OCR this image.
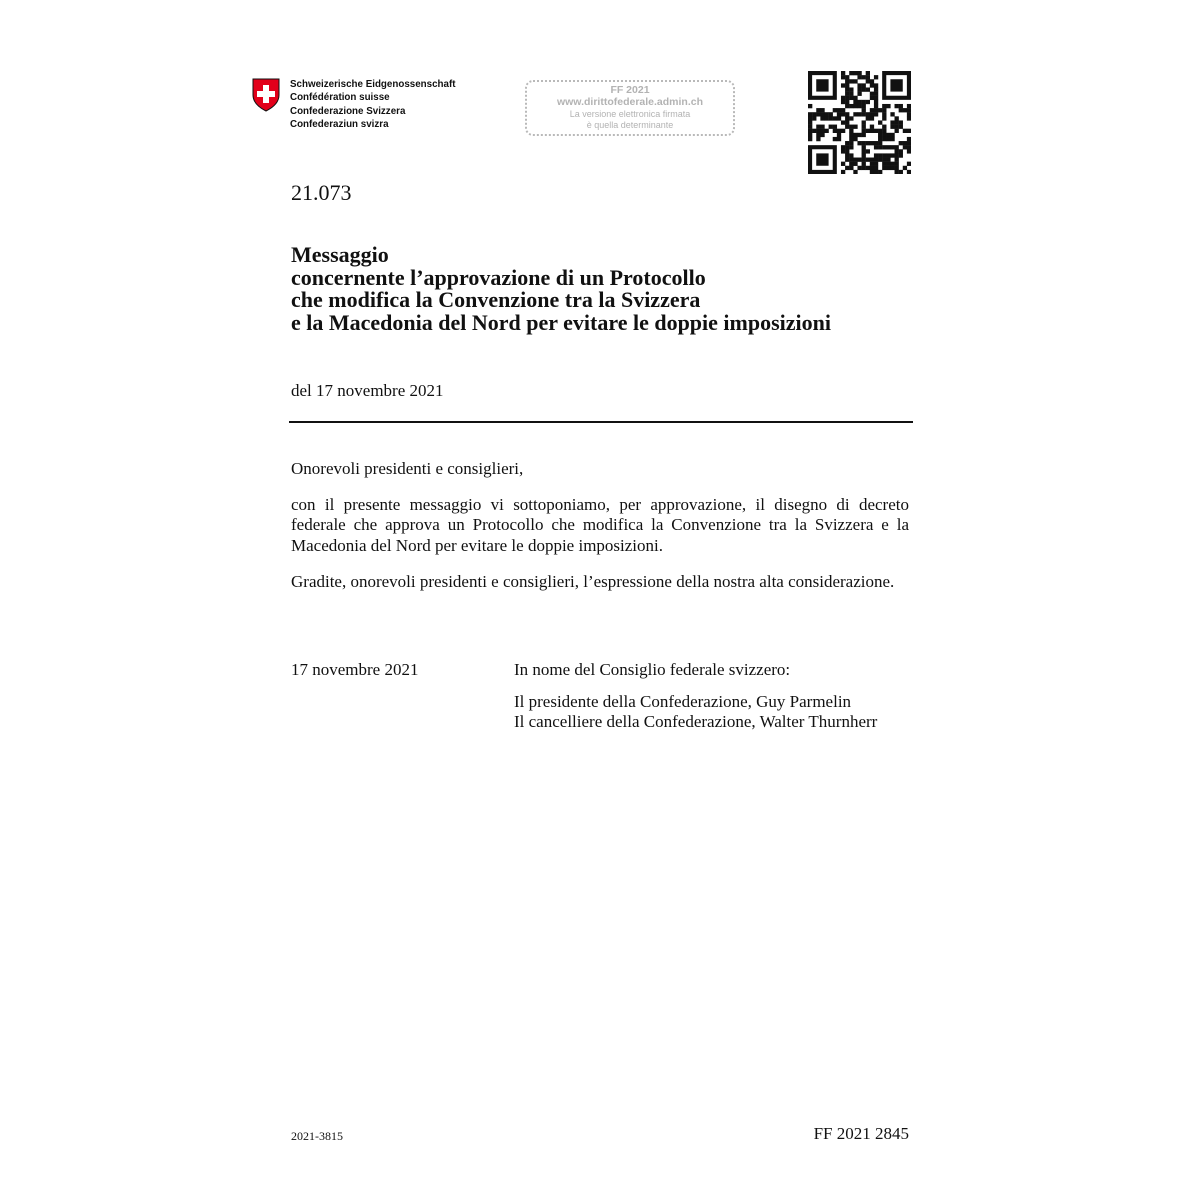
Schweizerische Eidgenossenschaft
Confédération suisse
Confederazione Svizzera
Confederaziun svizra
FF 2021
www.dirittofederale.admin.ch
La versione elettronica firmata
è quella determinante
21.073
Messaggio
concernente l’approvazione di un Protocollo
che modifica la Convenzione tra la Svizzera
e la Macedonia del Nord per evitare le doppie imposizioni
del 17 novembre 2021
Onorevoli presidenti e consiglieri,
con il presente messaggio vi sottoponiamo, per approvazione, il disegno di decreto federale che approva un Protocollo che modifica la Convenzione tra la Svizzera e la Macedonia del Nord per evitare le doppie imposizioni.
Gradite, onorevoli presidenti e consiglieri, l’espressione della nostra alta considerazione.
17 novembre 2021	In nome del Consiglio federale svizzero:
Il presidente della Confederazione, Guy Parmelin
Il cancelliere della Confederazione, Walter Thurnherr
2021-3815	FF 2021 2845
